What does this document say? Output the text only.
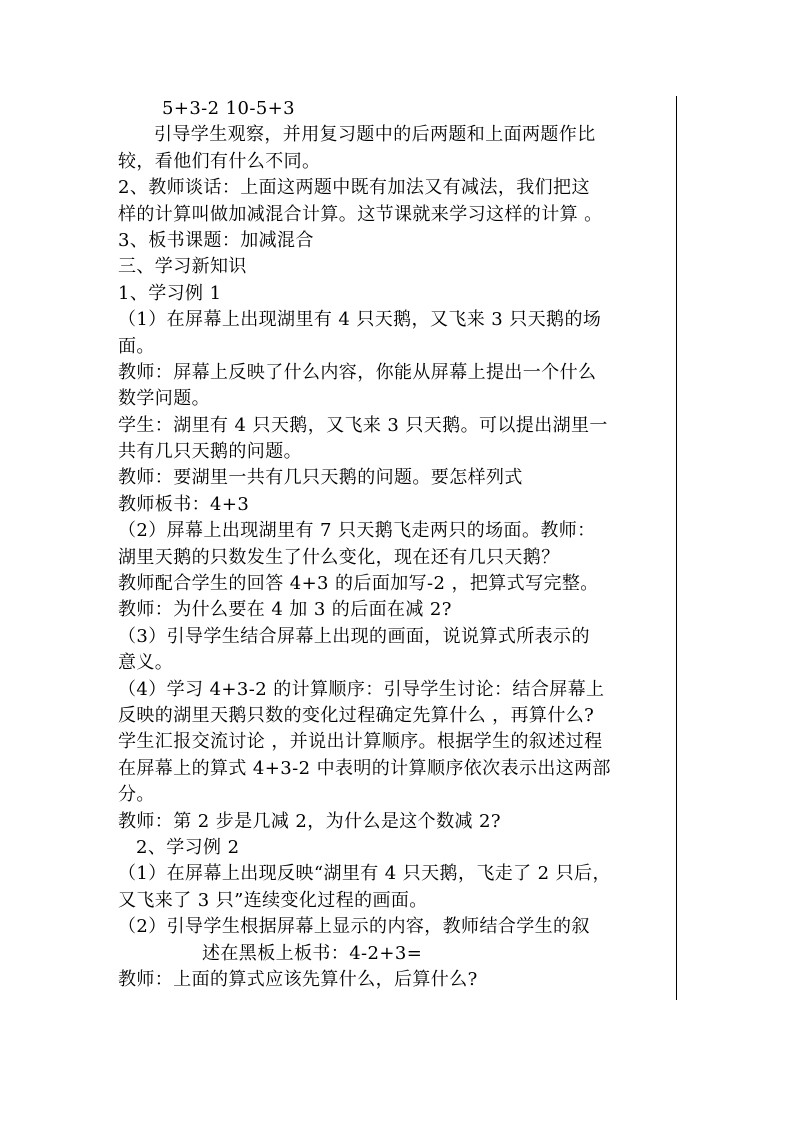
5+3-2 10-5+3
引导学生观察，并用复习题中的后两题和上面两题作比
较，看他们有什么不同。
2、教师谈话：上面这两题中既有加法又有减法，我们把这
样的计算叫做加减混合计算。这节课就来学习这样的计算 。
3、板书课题：加减混合
三、学习新知识
1、学习例 1
（1）在屏幕上出现湖里有 4 只天鹅，又飞来 3 只天鹅的场
面。
教师：屏幕上反映了什么内容，你能从屏幕上提出一个什么
数学问题。
学生：湖里有 4 只天鹅，又飞来 3 只天鹅。可以提出湖里一
共有几只天鹅的问题。
教师：要湖里一共有几只天鹅的问题。要怎样列式
教师板书：4+3
（2）屏幕上出现湖里有 7 只天鹅飞走两只的场面。教师：
湖里天鹅的只数发生了什么变化，现在还有几只天鹅？
教师配合学生的回答 4+3 的后面加写-2 ，把算式写完整。
教师：为什么要在 4 加 3 的后面在减 2?
（3）引导学生结合屏幕上出现的画面，说说算式所表示的
意义。
（4）学习 4+3-2 的计算顺序：引导学生讨论：结合屏幕上
反映的湖里天鹅只数的变化过程确定先算什么 ，再算什么?
学生汇报交流讨论 ，并说出计算顺序。根据学生的叙述过程
在屏幕上的算式 4+3-2 中表明的计算顺序依次表示出这两部
分。
教师：第 2 步是几减 2，为什么是这个数减 2?
2、学习例 2
（1）在屏幕上出现反映“湖里有 4 只天鹅，飞走了 2 只后，
又飞来了 3 只”连续变化过程的画面。
（2）引导学生根据屏幕上显示的内容，教师结合学生的叙
述在黑板上板书：4-2+3=
教师：上面的算式应该先算什么，后算什么?
